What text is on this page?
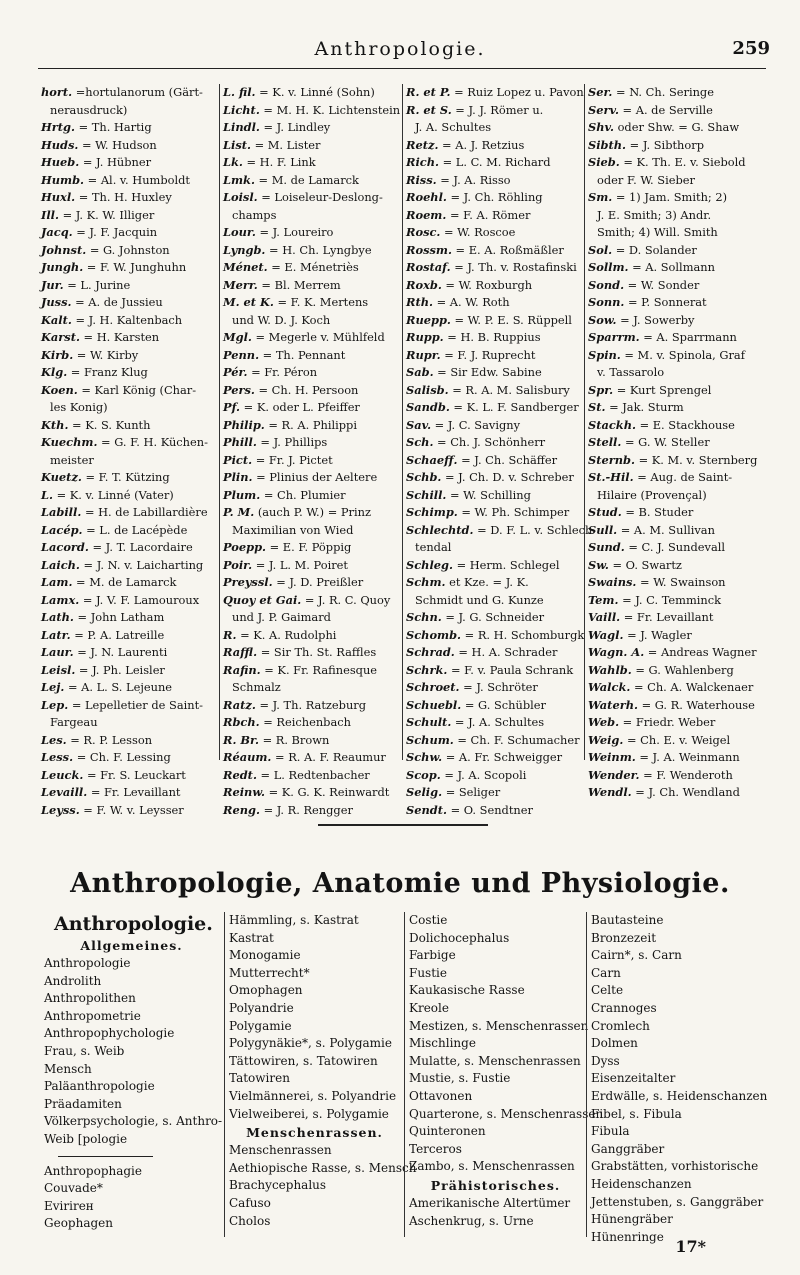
Anthropologie.	259
hort. =hortulanorum (Gärt-
nerausdruck)
Hrtg. = Th. Hartig
Huds. = W. Hudson
Hueb. = J. Hübner
Humb. = Al. v. Humboldt
Huxl. = Th. H. Huxley
Ill. = J. K. W. Illiger
Jacq. = J. F. Jacquin
Johnst. = G. Johnston
Jungh. = F. W. Junghuhn
Jur. = L. Jurine
Juss. = A. de Jussieu
Kalt. = J. H. Kaltenbach
Karst. = H. Karsten
Kirb. = W. Kirby
Klg. = Franz Klug
Koen. = Karl König (Char-
les Konig)
Kth. = K. S. Kunth
Kuechm. = G. F. H. Küchen-
meister
Kuetz. = F. T. Kützing
L. = K. v. Linné (Vater)
Labill. = H. de Labillardière
Lacép. = L. de Lacépède
Lacord. = J. T. Lacordaire
Laich. = J. N. v. Laicharting
Lam. = M. de Lamarck
Lamx. = J. V. F. Lamouroux
Lath. = John Latham
Latr. = P. A. Latreille
Laur. = J. N. Laurenti
Leisl. = J. Ph. Leisler
Lej. = A. L. S. Lejeune
Lep. = Lepelletier de Saint-
Fargeau
Les. = R. P. Lesson
Less. = Ch. F. Lessing
Leuck. = Fr. S. Leuckart
Levaill. = Fr. Levaillant
Leyss. = F. W. v. Leysser
L. fil. = K. v. Linné (Sohn)
Licht. = M. H. K. Lichtenstein
Lindl. = J. Lindley
List. = M. Lister
Lk. = H. F. Link
Lmk. = M. de Lamarck
Loisl. = Loiseleur-Deslong-
champs
Lour. = J. Loureiro
Lyngb. = H. Ch. Lyngbye
Ménet. = E. Ménetriès
Merr. = Bl. Merrem
M. et K. = F. K. Mertens
und W. D. J. Koch
Mgl. = Megerle v. Mühlfeld
Penn. = Th. Pennant
Pér. = Fr. Péron
Pers. = Ch. H. Persoon
Pf. = K. oder L. Pfeiffer
Philip. = R. A. Philippi
Phill. = J. Phillips
Pict. = Fr. J. Pictet
Plin. = Plinius der Aeltere
Plum. = Ch. Plumier
P. M. (auch P. W.) = Prinz
Maximilian von Wied
Poepp. = E. F. Pöppig
Poir. = J. L. M. Poiret
Preyssl. = J. D. Preißler
Quoy et Gai. = J. R. C. Quoy
und J. P. Gaimard
R. = K. A. Rudolphi
Raffl. = Sir Th. St. Raffles
Rafin. = K. Fr. Rafinesque
Schmalz
Ratz. = J. Th. Ratzeburg
Rbch. = Reichenbach
R. Br. = R. Brown
Réaum. = R. A. F. Reaumur
Redt. = L. Redtenbacher
Reinw. = K. G. K. Reinwardt
Reng. = J. R. Rengger
R. et P. = Ruiz Lopez u. Pavon
R. et S. = J. J. Römer u.
J. A. Schultes
Retz. = A. J. Retzius
Rich. = L. C. M. Richard
Riss. = J. A. Risso
Roehl. = J. Ch. Röhling
Roem. = F. A. Römer
Rosc. = W. Roscoe
Rossm. = E. A. Roßmäßler
Rostaf. = J. Th. v. Rostafinski
Roxb. = W. Roxburgh
Rth. = A. W. Roth
Ruepp. = W. P. E. S. Rüppell
Rupp. = H. B. Ruppius
Rupr. = F. J. Ruprecht
Sab. = Sir Edw. Sabine
Salisb. = R. A. M. Salisbury
Sandb. = K. L. F. Sandberger
Sav. = J. C. Savigny
Sch. = Ch. J. Schönherr
Schaeff. = J. Ch. Schäffer
Schb. = J. Ch. D. v. Schreber
Schill. = W. Schilling
Schimp. = W. Ph. Schimper
Schlechtd. = D. F. L. v. Schlech-
tendal
Schleg. = Herm. Schlegel
Schm. et Kze. = J. K.
Schmidt und G. Kunze
Schn. = J. G. Schneider
Schomb. = R. H. Schomburgk
Schrad. = H. A. Schrader
Schrk. = F. v. Paula Schrank
Schroet. = J. Schröter
Schuebl. = G. Schübler
Schult. = J. A. Schultes
Schum. = Ch. F. Schumacher
Schw. = A. Fr. Schweigger
Scop. = J. A. Scopoli
Selig. = Seliger
Sendt. = O. Sendtner
Ser. = N. Ch. Seringe
Serv. = A. de Serville
Shv. oder Shw. = G. Shaw
Sibth. = J. Sibthorp
Sieb. = K. Th. E. v. Siebold
oder F. W. Sieber
Sm. = 1) Jam. Smith; 2)
J. E. Smith; 3) Andr.
Smith; 4) Will. Smith
Sol. = D. Solander
Sollm. = A. Sollmann
Sond. = W. Sonder
Sonn. = P. Sonnerat
Sow. = J. Sowerby
Sparrm. = A. Sparrmann
Spin. = M. v. Spinola, Graf
v. Tassarolo
Spr. = Kurt Sprengel
St. = Jak. Sturm
Stackh. = E. Stackhouse
Stell. = G. W. Steller
Sternb. = K. M. v. Sternberg
St.-Hil. = Aug. de Saint-
Hilaire (Provençal)
Stud. = B. Studer
Sull. = A. M. Sullivan
Sund. = C. J. Sundevall
Sw. = O. Swartz
Swains. = W. Swainson
Tem. = J. C. Temminck
Vaill. = Fr. Levaillant
Wagl. = J. Wagler
Wagn. A. = Andreas Wagner
Wahlb. = G. Wahlenberg
Walck. = Ch. A. Walckenaer
Waterh. = G. R. Waterhouse
Web. = Friedr. Weber
Weig. = Ch. E. v. Weigel
Weinm. = J. A. Weinmann
Wender. = F. Wenderoth
Wendl. = J. Ch. Wendland
Anthropologie, Anatomie und Physiologie.
Anthropologie.
Allgemeines.
Anthropologie
Androlith
Anthropolithen
Anthropometrie
Anthropophychologie
Frau, s. Weib
Mensch
Paläanthropologie
Präadamiten
Völkerpsychologie, s. Anthro-
Weib [pologie
Anthropophagie
Couvade*
Evirirен
Geophagen
Hämmling, s. Kastrat
Kastrat
Monogamie
Mutterrecht*
Omophagen
Polyandrie
Polygamie
Polygynäkie*, s. Polygamie
Tättowiren, s. Tatowiren
Tatowiren
Vielmännerei, s. Polyandrie
Vielweiberei, s. Polygamie
Menschenrassen.
Menschenrassen
Aethiopische Rasse, s. Mensch
Brachycephalus
Cafuso
Cholos
Costie
Dolichocephalus
Farbige
Fustie
Kaukasische Rasse
Kreole
Mestizen, s. Menschenrassen
Mischlinge
Mulatte, s. Menschenrassen
Mustie, s. Fustie
Ottavonen
Quarterone, s. Menschenrassen
Quinteronen
Terceros
Zambo, s. Menschenrassen
Prähistorisches.
Amerikanische Altertümer
Aschenkrug, s. Urne
Bautasteine
Bronzezeit
Cairn*, s. Carn
Carn
Celte
Crannoges
Cromlech
Dolmen
Dyss
Eisenzeitalter
Erdwälle, s. Heidenschanzen
Fibel, s. Fibula
Fibula
Ganggräber
Grabstätten, vorhistorische
Heidenschanzen
Jettenstuben, s. Ganggräber
Hünengräber
Hünenringe
17*
